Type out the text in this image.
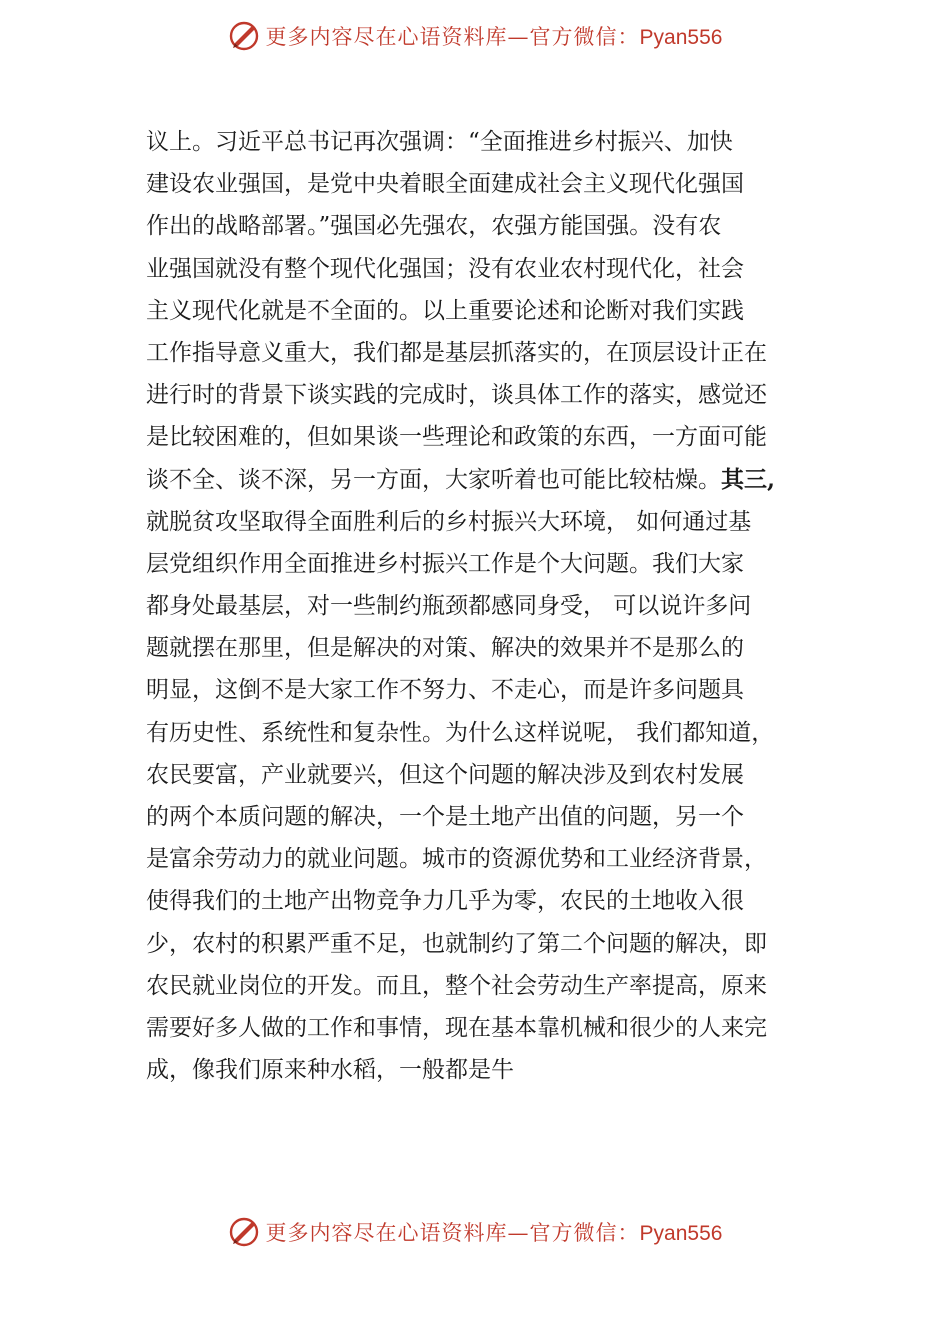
更多内容尽在心语资料库—官方微信：Pyan556
议上。习近平总书记再次强调：“全面推进乡村振兴、加快
建设农业强国，是党中央着眼全面建成社会主义现代化强国
作出的战略部署。”强国必先强农，农强方能国强。没有农
业强国就没有整个现代化强国；没有农业农村现代化，社会
主义现代化就是不全面的。以上重要论述和论断对我们实践
工作指导意义重大，我们都是基层抓落实的，在顶层设计正在
进行时的背景下谈实践的完成时，谈具体工作的落实，感觉还
是比较困难的，但如果谈一些理论和政策的东西，一方面可能
谈不全、谈不深，另一方面，大家听着也可能比较枯燥。其三,
就脱贫攻坚取得全面胜利后的乡村振兴大环境， 如何通过基
层党组织作用全面推进乡村振兴工作是个大问题。我们大家
都身处最基层，对一些制约瓶颈都感同身受， 可以说许多问
题就摆在那里，但是解决的对策、解决的效果并不是那么的
明显，这倒不是大家工作不努力、不走心，而是许多问题具
有历史性、系统性和复杂性。为什么这样说呢， 我们都知道，
农民要富，产业就要兴，但这个问题的解决涉及到农村发展
的两个本质问题的解决，一个是土地产出值的问题，另一个
是富余劳动力的就业问题。城市的资源优势和工业经济背景，
使得我们的土地产出物竞争力几乎为零，农民的土地收入很
少，农村的积累严重不足，也就制约了第二个问题的解决，即
农民就业岗位的开发。而且，整个社会劳动生产率提高，原来
需要好多人做的工作和事情，现在基本靠机械和很少的人来完
成，像我们原来种水稻，一般都是牛
更多内容尽在心语资料库—官方微信：Pyan556
